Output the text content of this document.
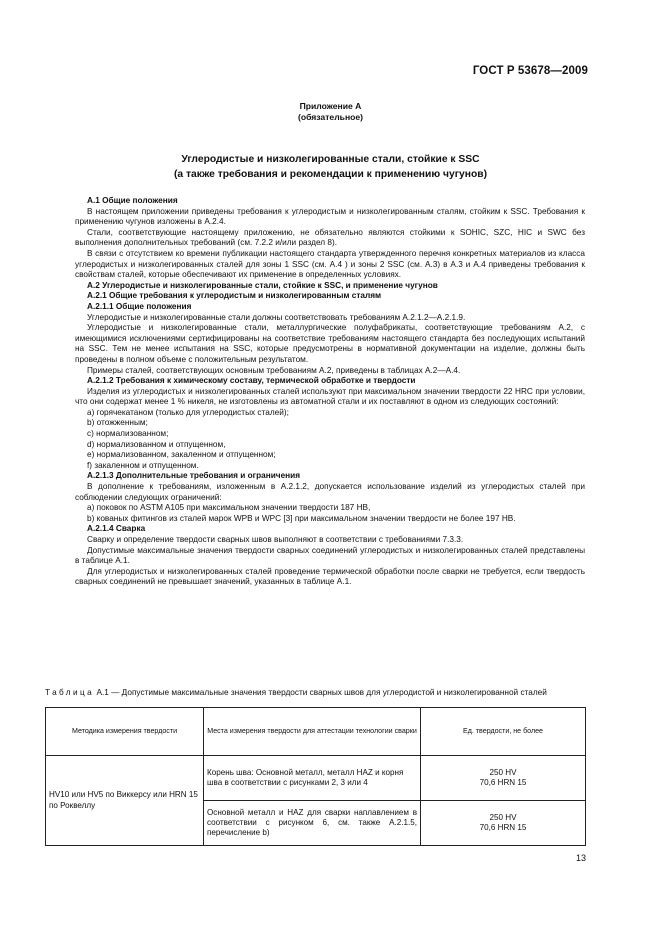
ГОСТ Р 53678—2009
Приложение А
(обязательное)
Углеродистые и низколегированные стали, стойкие к SSC
(а также требования и рекомендации к применению чугунов)

А.1 Общие положения

В настоящем приложении приведены требования к углеродистым и низколегированным сталям, стойким к SSC. Требования к применению чугунов изложены в А.2.4.

Стали, соответствующие настоящему приложению, не обязательно являются стойкими к SOHIC, SZC, HIC и SWC без выполнения дополнительных требований (см. 7.2.2 и/или раздел 8).

В связи с отсутствием ко времени публикации настоящего стандарта утвержденного перечня конкретных материалов из класса углеродистых и низколегированных сталей для зоны 1 SSC (см. А.4 ) и зоны 2 SSC (см. А.3) в А.3 и А.4 приведены требования к свойствам сталей, которые обеспечивают их применение в определенных условиях.

А.2 Углеродистые и низколегированные стали, стойкие к SSC, и применение чугунов

А.2.1 Общие требования к углеродистым и низколегированным сталям

А.2.1.1 Общие положения

Углеродистые и низколегированные стали должны соответствовать требованиям А.2.1.2—А.2.1.9.

Углеродистые и низколегированные стали, металлургические полуфабрикаты, соответствующие требованиям А.2, с имеющимися исключениями сертифицированы на соответствие требованиям настоящего стандарта без последующих испытаний на SSC. Тем не менее испытания на SSC, которые предусмотрены в нормативной документации на изделие, должны быть проведены в полном объеме с положительным результатом.

Примеры сталей, соответствующих основным требованиям А.2, приведены в таблицах А.2—А.4.

А.2.1.2 Требования к химическому составу, термической обработке и твердости

Изделия из углеродистых и низколегированных сталей используют при максимальном значении твердости 22 HRC при условии, что они содержат менее 1 % никеля, не изготовлены из автоматной стали и их поставляют в одном из следующих состояний:

a) горячекатаном (только для углеродистых сталей);

b) отожженным;

c) нормализованном;

d) нормализованном и отпущенном,

e) нормализованном, закаленном и отпущенном;

f) закаленном и отпущенном.

А.2.1.3 Дополнительные требования и ограничения

В дополнение к требованиям, изложенным в А.2.1.2, допускается использование изделий из углеродистых сталей при соблюдении следующих ограничений:

a) поковок по ASTM A105 при максимальном значении твердости 187 НВ,

b) кованых фитингов из сталей марок WPB и WPC [3] при максимальном значении твердости не более 197 НВ.

А.2.1.4 Сварка

Сварку и определение твердости сварных швов выполняют в соответствии с требованиями 7.3.3.

Допустимые максимальные значения твердости сварных соединений углеродистых и низколегированных сталей представлены в таблице А.1.

Для углеродистых и низколегированных сталей проведение термической обработки после сварки не требуется, если твердость сварных соединений не превышает значений, указанных в таблице А.1.

Таблица А.1 — Допустимые максимальные значения твердости сварных швов для углеродистой и низколегированной сталей
Методика измерения твердости	Места измерения твердости для аттестации технологии сварки	Ед. твердости, не более
HV10 или HV5 по Виккерсу или HRN 15 по Роквеллу	Корень шва: Основной металл, металл HAZ и корня шва в соответствии с рисунками 2, 3 или 4	250 HV
70,6 HRN 15

	Основной металл и HAZ для сварки наплавлением в соответствии с рисунком 6, см. также А.2.1.5, перечисление b)	250 HV
70,6 HRN 15
13
